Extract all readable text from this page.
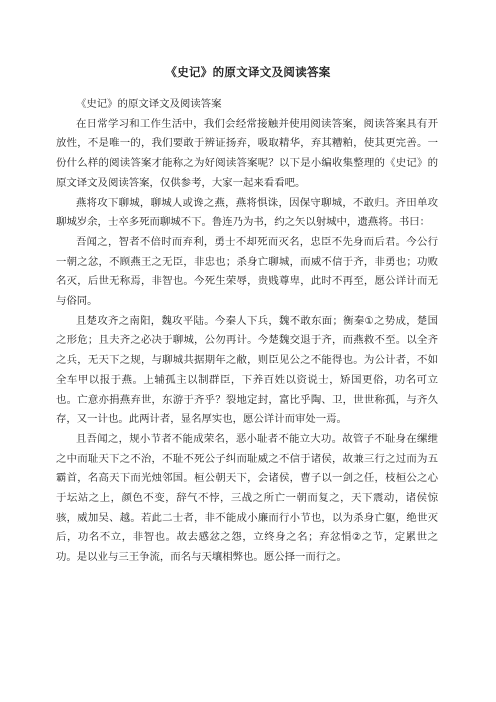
《史记》的原文译文及阅读答案

《史记》的原文译文及阅读答案

在日常学习和工作生活中，我们会经常接触并使用阅读答案，阅读答案具有开放性，不是唯一的，我们要敢于辨证扬弃，吸取精华，弃其糟粕，使其更完善。一份什么样的阅读答案才能称之为好阅读答案呢？以下是小编收集整理的《史记》的原文译文及阅读答案，仅供参考，大家一起来看看吧。

燕将攻下聊城，聊城人或谗之燕，燕将惧诛，因保守聊城，不敢归。齐田单攻聊城岁余，士卒多死而聊城不下。鲁连乃为书，约之矢以射城中，遗燕将。书曰：

吾闻之，智者不倍时而弃利，勇士不却死而灭名，忠臣不先身而后君。今公行一朝之忿，不顾燕王之无臣，非忠也；杀身亡聊城，而威不信于齐，非勇也；功败名灭，后世无称焉，非智也。今死生荣辱，贵贱尊卑，此时不再至，愿公详计而无与俗同。

且楚攻齐之南阳，魏攻平陆。今秦人下兵，魏不敢东面；衡秦①之势成，楚国之形危；且夫齐之必决于聊城，公勿再计。今楚魏交退于齐，而燕救不至。以全齐之兵，无天下之规，与聊城共据期年之敝，则臣见公之不能得也。为公计者，不如全车甲以报于燕。上辅孤主以制群臣，下养百姓以资说士，矫国更俗，功名可立也。亡意亦捐燕弃世，东游于齐乎？裂地定封，富比乎陶、卫，世世称孤，与齐久存，又一计也。此两计者，显名厚实也，愿公详计而审处一焉。

且吾闻之，规小节者不能成荣名，恶小耻者不能立大功。故管子不耻身在缧绁之中而耻天下之不治，不耻不死公子纠而耻威之不信于诸侯，故兼三行之过而为五霸首，名高天下而光烛邻国。桓公朝天下，会诸侯，曹子以一剑之任，枝桓公之心于坛站之上，颜色不变，辞气不悖，三战之所亡一朝而复之，天下震动，诸侯惊骇，威加吴、越。若此二士者，非不能成小廉而行小节也，以为杀身亡躯，绝世灭后，功名不立，非智也。故去感忿之怨，立终身之名；弃忿悁②之节，定累世之功。是以业与三王争流，而名与天壤相弊也。愿公择一而行之。
